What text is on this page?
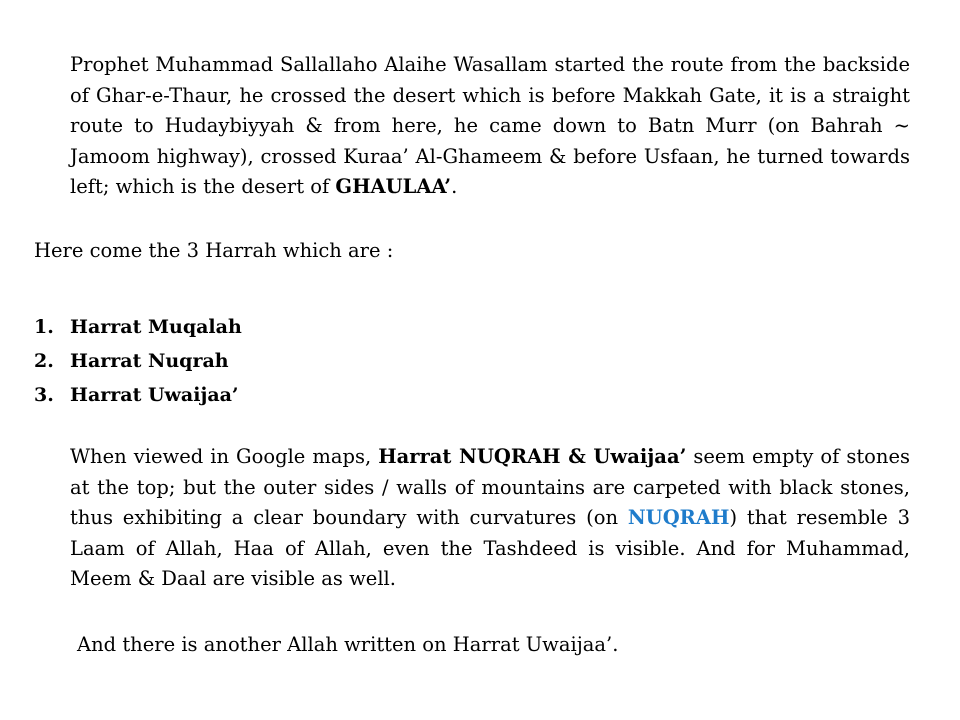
Prophet Muhammad Sallallaho Alaihe Wasallam started the route from the backside of Ghar-e-Thaur, he crossed the desert which is before Makkah Gate, it is a straight route to Hudaybiyyah & from here, he came down to Batn Murr (on Bahrah ~ Jamoom highway), crossed Kuraa’ Al-Ghameem & before Usfaan, he turned towards left; which is the desert of GHAULAA’.

Here come the 3 Harrah which are :

1. Harrat Muqalah
2. Harrat Nuqrah
3. Harrat Uwaijaa’

When viewed in Google maps, Harrat NUQRAH & Uwaijaa’ seem empty of stones at the top; but the outer sides / walls of mountains are carpeted with black stones, thus exhibiting a clear boundary with curvatures (on NUQRAH) that resemble 3 Laam of Allah, Haa of Allah, even the Tashdeed is visible. And for Muhammad, Meem & Daal are visible as well.

And there is another Allah written on Harrat Uwaijaa’.
